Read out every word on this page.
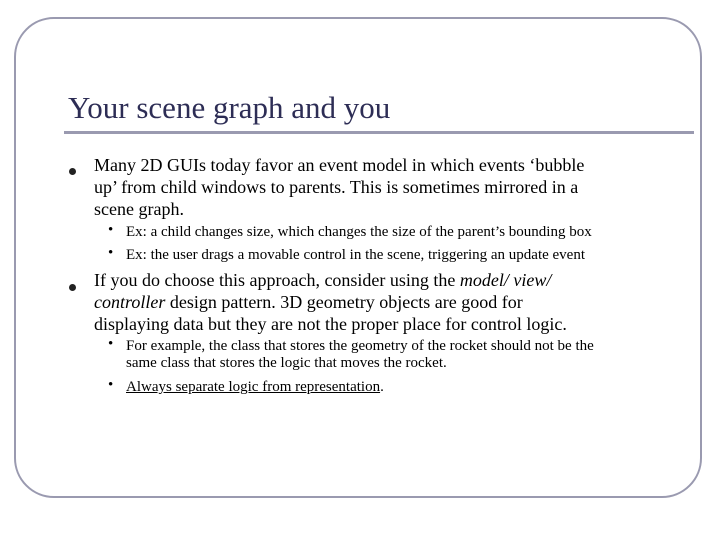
Your scene graph and you
Many 2D GUIs today favor an event model in which events ‘bubble
up’ from child windows to parents. This is sometimes mirrored in a
scene graph.
• Ex: a child changes size, which changes the size of the parent’s bounding box
• Ex: the user drags a movable control in the scene, triggering an update event
If you do choose this approach, consider using the model/ view/
controller design pattern. 3D geometry objects are good for
displaying data but they are not the proper place for control logic.
• For example, the class that stores the geometry of the rocket should not be the
same class that stores the logic that moves the rocket.
• Always separate logic from representation.
